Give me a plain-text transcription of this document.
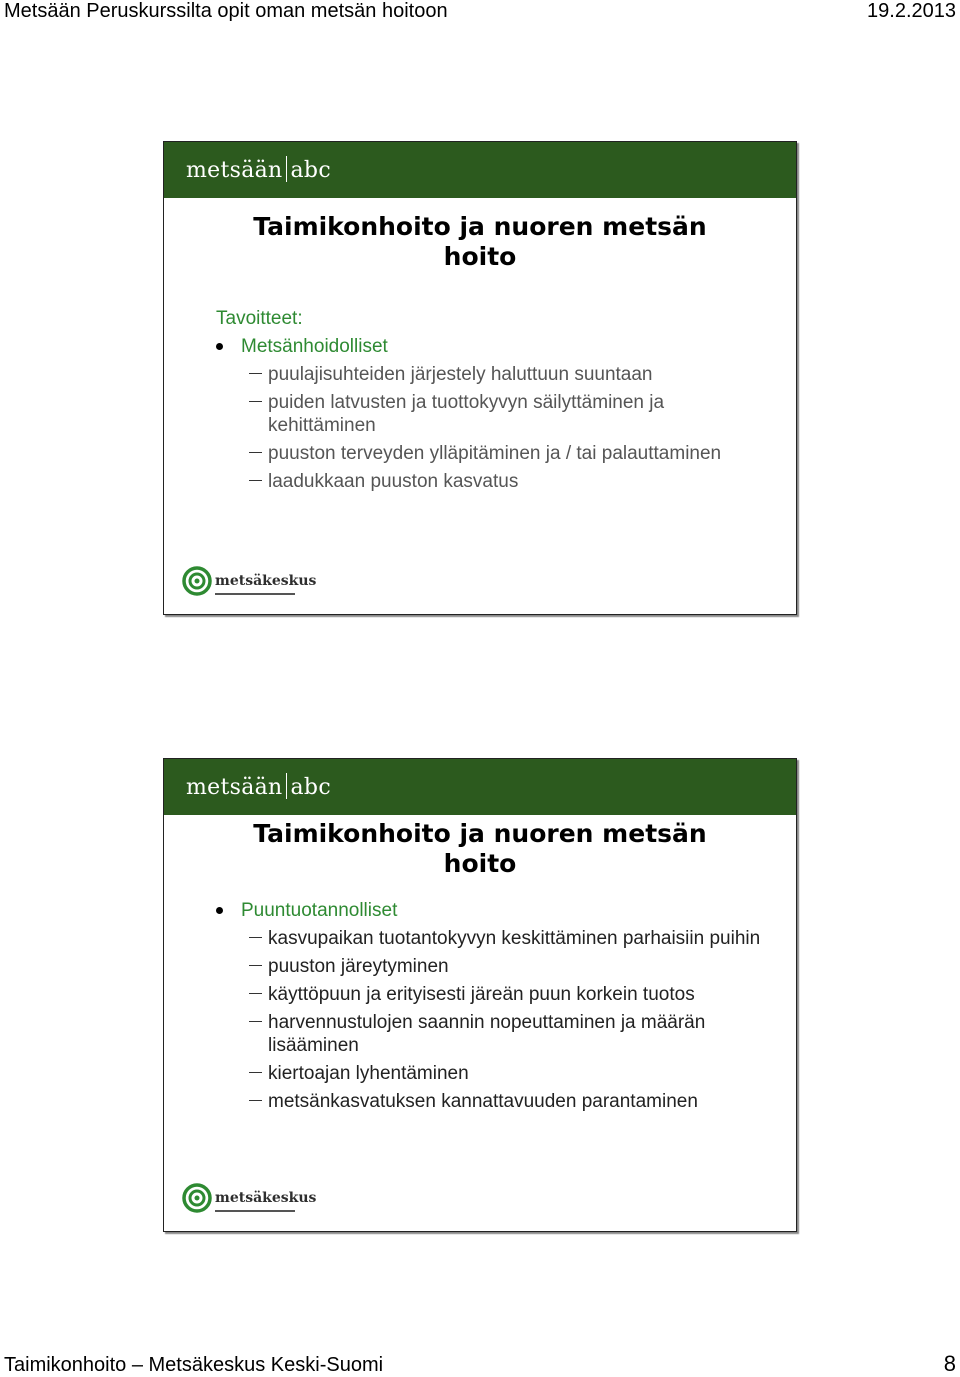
Metsään Peruskurssilta opit oman metsän hoitoon	19.2.2013
metsään abc
Taimikonhoito ja nuoren metsän
hoito
Tavoitteet:
Metsänhoidolliset
puulajisuhteiden järjestely haluttuun suuntaan
puiden latvusten ja tuottokyvyn säilyttäminen ja kehittäminen
puuston terveyden ylläpitäminen ja / tai palauttaminen
laadukkaan puuston kasvatus
metsäkeskus
metsään abc
Taimikonhoito ja nuoren metsän
hoito
Puuntuotannolliset
kasvupaikan tuotantokyvyn keskittäminen parhaisiin puihin
puuston järeytyminen
käyttöpuun ja erityisesti järeän puun korkein tuotos
harvennustulojen saannin nopeuttaminen ja määrän lisääminen
kiertoajan lyhentäminen
metsänkasvatuksen kannattavuuden parantaminen
metsäkeskus
Taimikonhoito – Metsäkeskus Keski-Suomi	8
